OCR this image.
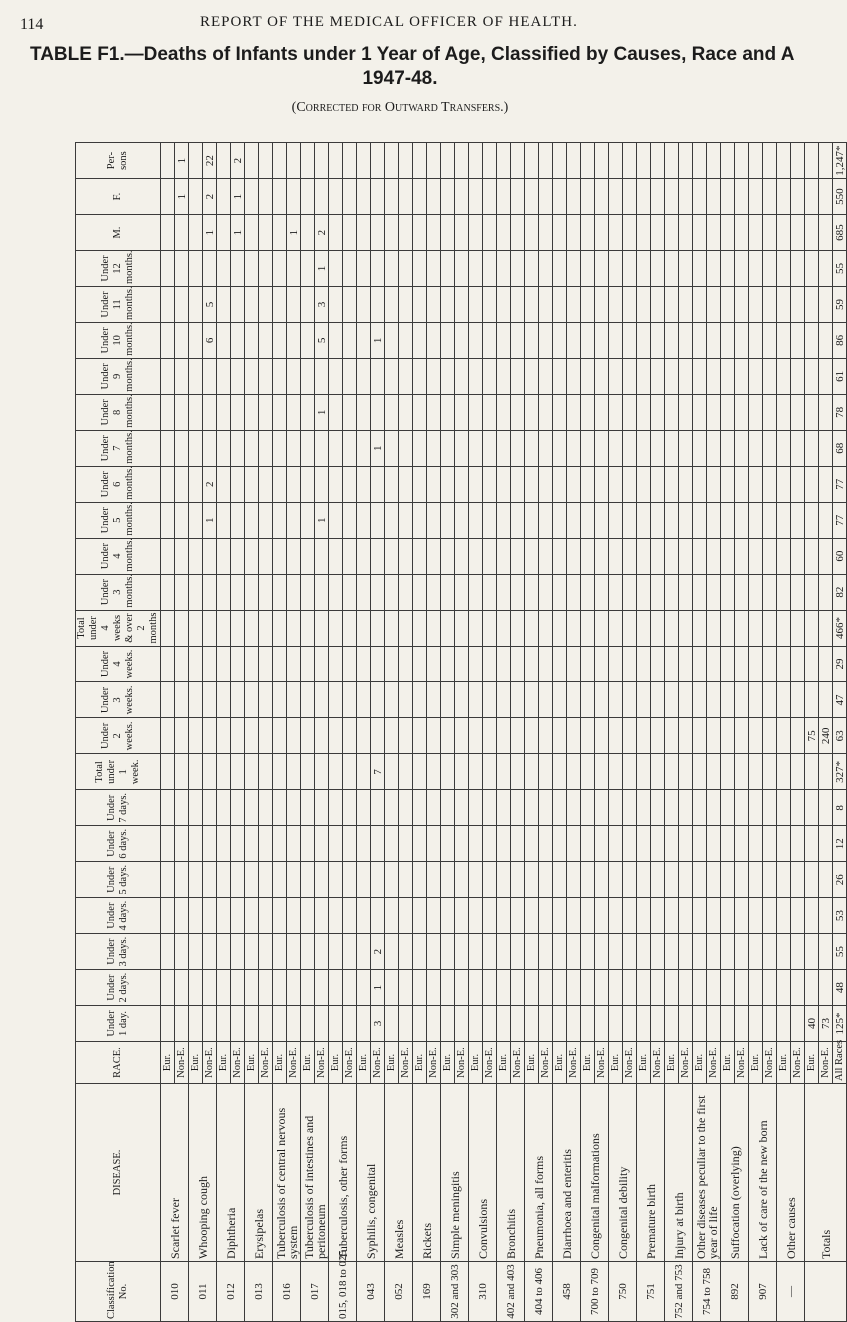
114	REPORT OF THE MEDICAL OFFICER OF HEALTH.
TABLE F1.—Deaths of Infants under 1 Year of Age, Classified by Causes, Race and A
1947-48.
(Corrected for Outward Transfers.)
Classification No.	DISEASE.	RACE.	Under 1 day.	Under 2 days.	Under 3 days.	Under 4 days.	Under 5 days.	Under 6 days.	Under 7 days.	Total under 1 week.	Under 2 weeks.	Under 3 weeks.	Under 4 weeks.	Total under 4 weeks & over 2 months	Under 3 months.	Under 4 months.	Under 5 months.	Under 6 months.	Under 7 months.	Under 8 months.	Under 9 months.	Under 10 months.	Under 11 months.	Under 12 months.	M.	F.	Per-sons
010	Scarlet fever	Eur.																									
		Non-E.																								1	1
011	Whooping cough	Eur.																									
		Non-E.															1	2				6	5		1	2	22
012	Diphtheria	Eur.																									
		Non-E.																							1	1	2
013	Erysipelas	Eur.																									
		Non-E.																									
016	Tuberculosis of central nervous system	Eur.																									
		Non-E.																							1		
017	Tuberculosis of intestines and peritoneum	Eur.																									
		Non-E.															1			1		5	3	1	2		
015, 018 to 025	Tuberculosis, other forms	Eur.																									
		Non-E.																									
043	Syphilis, congenital	Eur.																									
		Non-E.	3	1	2					7									1			1					
052	Measles	Eur.																									
		Non-E.																									
169	Rickets	Eur.																									
		Non-E.																									
302 and 303	Simple meningitis	Eur.																									
		Non-E.																									
310	Convulsions	Eur.																									
		Non-E.																									
402 and 403	Bronchitis	Eur.																									
		Non-E.																									
404 to 406	Pneumonia, all forms	Eur.																									
		Non-E.																									
458	Diarrhoea and enteritis	Eur.																									
		Non-E.																									
700 to 709	Congenital malformations	Eur.																									
		Non-E.																									
750	Congenital debility	Eur.																									
		Non-E.																									
751	Premature birth	Eur.																									
		Non-E.																									
752 and 753	Injury at birth	Eur.																									
		Non-E.																									
754 to 758	Other diseases peculiar to the first year of life	Eur.																									
		Non-E.																									
892	Suffocation (overlying)	Eur.																									
		Non-E.																									
907	Lack of care of the new born	Eur.																									
		Non-E.																									
—	Other causes	Eur.																									
		Non-E.																									
	Totals	Eur.	40								75																
		Non-E.	73								240																
		All Races	125*	48	55	53	26	12	8	327*	63	47	29	466*	82	60	77	77	68	78	61	86	59	55	685	550	1,247*
